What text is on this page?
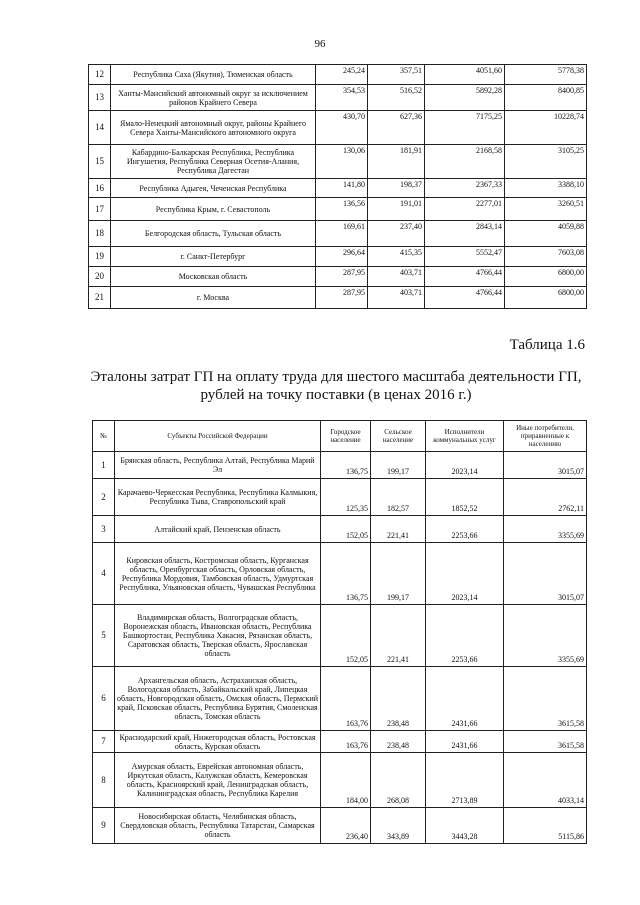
96
12	Республика Саха (Якутия), Тюменская область	245,24	357,51	4051,60	5778,38
13	Ханты-Мансийский автономный округ за исключением районов Крайнего Севера	354,53	516,52	5892,28	8400,85
14	Ямало-Ненецкий автономный округ, районы Крайнего Севера Ханты-Мансийского автономного округа	430,70	627,36	7175,25	10228,74
15	Кабардино-Балкарская Республика, Республика Ингушетия, Республика Северная Осетия-Алания, Республика Дагестан	130,06	181,91	2168,58	3105,25
16	Республика Адыгея, Чеченская Республика	141,80	198,37	2367,33	3388,10
17	Республика Крым, г. Севастополь	136,56	191,01	2277,01	3260,51
18	Белгородская область, Тульская область	169,61	237,40	2843,14	4059,88
19	г. Санкт-Петербург	296,64	415,35	5552,47	7603,08
20	Московская область	287,95	403,71	4766,44	6800,00
21	г. Москва	287,95	403,71	4766,44	6800,00
Таблица 1.6
Эталоны затрат ГП на оплату труда для шестого масштаба деятельности ГП, рублей на точку поставки (в ценах 2016 г.)
№	Субъекты Российской Федерации	Городское население	Сельское население	Исполнители коммунальных услуг	Иные потребители, приравненные к населению
1	Брянская область, Республика Алтай, Республика Марий Эл	136,75	199,17	2023,14	3015,07
2	Карачаево-Черкесская Республика, Республика Калмыкия, Республика Тыва, Ставропольский край	125,35	182,57	1852,52	2762,11
3	Алтайский край, Пензенская область	152,05	221,41	2253,66	3355,69
4	Кировская область, Костромская область, Курганская область, Оренбургская область, Орловская область, Республика Мордовия, Тамбовская область, Удмуртская Республика, Ульяновская область, Чувашская Республика	136,75	199,17	2023,14	3015,07
5	Владимирская область, Волгоградская область, Воронежская область, Ивановская область, Республика Башкортостан, Республика Хакасия, Рязанская область, Саратовская область, Тверская область, Ярославская область	152,05	221,41	2253,66	3355,69
6	Архангельская область, Астраханская область, Вологодская область, Забайкальский край, Липецкая область, Новгородская область, Омская область, Пермский край, Псковская область, Республика Бурятия, Смоленская область, Томская область	163,76	238,48	2431,66	3615,58
7	Краснодарский край, Нижегородская область, Ростовская область, Курская область	163,76	238,48	2431,66	3615,58
8	Амурская область, Еврейская автономная область, Иркутская область, Калужская область, Кемеровская область, Красноярский край, Ленинградская область, Калининградская область, Республика Карелия	184,00	268,08	2713,89	4033,14
9	Новосибирская область, Челябинская область, Свердловская область, Республика Татарстан, Самарская область	236,40	343,89	3443,28	5115,86
